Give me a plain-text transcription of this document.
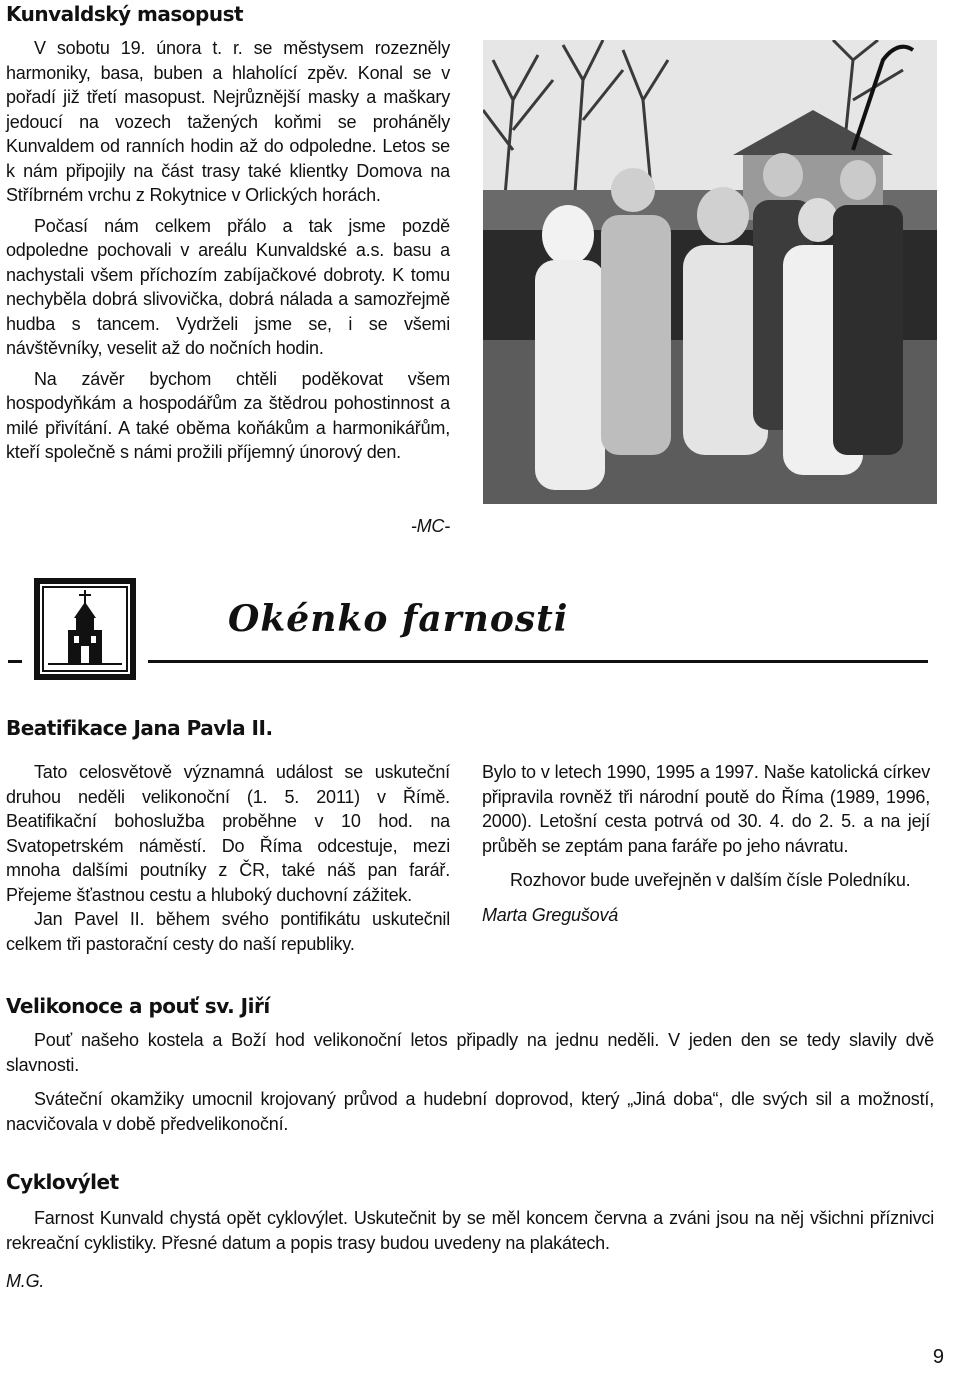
Kunvaldský masopust

V sobotu 19. února t. r. se městysem rozezněly harmoniky, basa, buben a hlaholící zpěv. Konal se v pořadí již třetí masopust. Nejrůznější masky a maškary jedoucí na vozech tažených koňmi se proháněly Kunvaldem od ranních hodin až do odpoledne. Letos se k nám připojily na část trasy také klientky Domova na Stříbrném vrchu z Rokytnice v Orlických horách.

Počasí nám celkem přálo a tak jsme pozdě odpoledne pochovali v areálu Kunvaldské a.s. basu a nachystali všem příchozím zabíjačkové dobroty. K tomu nechyběla dobrá slivovička, dobrá nálada a samozřejmě hudba s tancem. Vydrželi jsme se, i se všemi návštěvníky, veselit až do nočních hodin.

Na závěr bychom chtěli poděkovat všem hospodyňkám a hospodářům za štědrou pohostinnost a milé přivítání. A také oběma koňákům a harmonikářům, kteří společně s námi prožili příjemný únorový den.

-MC-
Okénko farnosti
Beatifikace Jana Pavla II.

Tato celosvětově významná událost se uskuteční druhou neděli velikonoční (1. 5. 2011) v Římě. Beatifikační bohoslužba proběhne v 10 hod. na Svatopetrském náměstí. Do Říma odcestuje, mezi mnoha dalšími poutníky z ČR, také náš pan farář. Přejeme šťastnou cestu a hluboký duchovní zážitek.

Jan Pavel II. během svého pontifikátu uskutečnil celkem tři pastorační cesty do naší republiky.

Bylo to v letech 1990, 1995 a 1997. Naše katolická církev připravila rovněž tři národní poutě do Říma (1989, 1996, 2000). Letošní cesta potrvá od 30. 4. do 2. 5. a na její průběh se zeptám pana faráře po jeho návratu.

Rozhovor bude uveřejněn v dalším čísle Poledníku.

Marta Gregušová

Velikonoce a pouť sv. Jiří

Pouť našeho kostela a Boží hod velikonoční letos připadly na jednu neděli. V jeden den se tedy slavily dvě slavnosti.

Sváteční okamžiky umocnil krojovaný průvod a hudební doprovod, který „Jiná doba“, dle svých sil a možností, nacvičovala v době předvelikonoční.

Cyklovýlet

Farnost Kunvald chystá opět cyklovýlet. Uskutečnit by se měl koncem června a zváni jsou na něj všichni příznivci rekreační cyklistiky. Přesné datum a popis trasy budou uvedeny na plakátech.

M.G.

9
